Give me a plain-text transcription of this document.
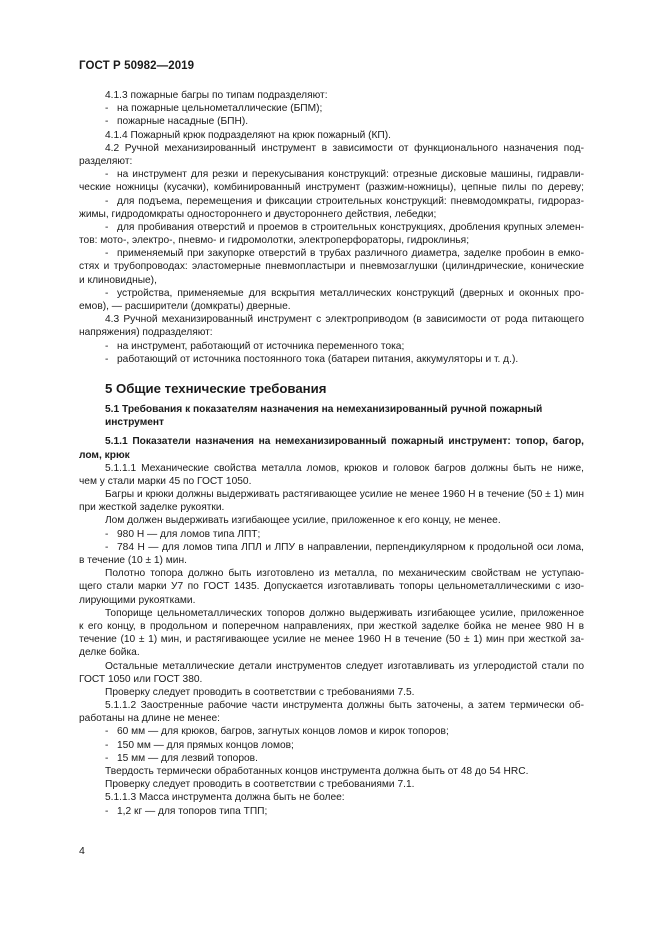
ГОСТ Р 50982—2019
4.1.3 пожарные багры по типам подразделяют:
- на пожарные цельнометаллические (БПМ);
- пожарные насадные (БПН).
4.1.4 Пожарный крюк подразделяют на крюк пожарный (КП).
4.2 Ручной механизированный инструмент в зависимости от функционального назначения под-
разделяют:
- на инструмент для резки и перекусывания конструкций: отрезные дисковые машины, гидравли-
ческие ножницы (кусачки), комбинированный инструмент (разжим-ножницы), цепные пилы по дереву;
- для подъема, перемещения и фиксации строительных конструкций: пневмодомкраты, гидрораз-
жимы, гидродомкраты одностороннего и двустороннего действия, лебедки;
- для пробивания отверстий и проемов в строительных конструкциях, дробления крупных элемен-
тов: мото-, электро-, пневмо- и гидромолотки, электроперфораторы, гидроклинья;
- применяемый при закупорке отверстий в трубах различного диаметра, заделке пробоин в емко-
стях и трубопроводах: эластомерные пневмопластыри и пневмозаглушки (цилиндрические, конические
и клиновидные),
- устройства, применяемые для вскрытия металлических конструкций (дверных и оконных про-
емов), — расширители (домкраты) дверные.
4.3 Ручной механизированный инструмент с электроприводом (в зависимости от рода питающего
напряжения) подразделяют:
- на инструмент, работающий от источника переменного тока;
- работающий от источника постоянного тока (батареи питания, аккумуляторы и т. д.).
5 Общие технические требования
5.1 Требования к показателям назначения на немеханизированный ручной пожарный
инструмент
5.1.1 Показатели назначения на немеханизированный пожарный инструмент: топор, багор,
лом, крюк
5.1.1.1 Механические свойства металла ломов, крюков и головок багров должны быть не ниже,
чем у стали марки 45 по ГОСТ 1050.
Багры и крюки должны выдерживать растягивающее усилие не менее 1960 Н в течение (50 ± 1) мин
при жесткой заделке рукоятки.
Лом должен выдерживать изгибающее усилие, приложенное к его концу, не менее.
- 980 Н — для ломов типа ЛПТ;
- 784 Н — для ломов типа ЛПЛ и ЛПУ в направлении, перпендикулярном к продольной оси лома,
в течение (10 ± 1) мин.
Полотно топора должно быть изготовлено из металла, по механическим свойствам не уступаю-
щего стали марки У7 по ГОСТ 1435. Допускается изготавливать топоры цельнометаллическими с изо-
лирующими рукоятками.
Топорище цельнометаллических топоров должно выдерживать изгибающее усилие, приложенное
к его концу, в продольном и поперечном направлениях, при жесткой заделке бойка не менее 980 Н в
течение (10 ± 1) мин, и растягивающее усилие не менее 1960 Н в течение (50 ± 1) мин при жесткой за-
делке бойка.
Остальные металлические детали инструментов следует изготавливать из углеродистой стали по
ГОСТ 1050 или ГОСТ 380.
Проверку следует проводить в соответствии с требованиями 7.5.
5.1.1.2 Заостренные рабочие части инструмента должны быть заточены, а затем термически об-
работаны на длине не менее:
- 60 мм — для крюков, багров, загнутых концов ломов и кирок топоров;
- 150 мм — для прямых концов ломов;
- 15 мм — для лезвий топоров.
Твердость термически обработанных концов инструмента должна быть от 48 до 54 HRC.
Проверку следует проводить в соответствии с требованиями 7.1.
5.1.1.3 Масса инструмента должна быть не более:
- 1,2 кг — для топоров типа ТПП;
4
